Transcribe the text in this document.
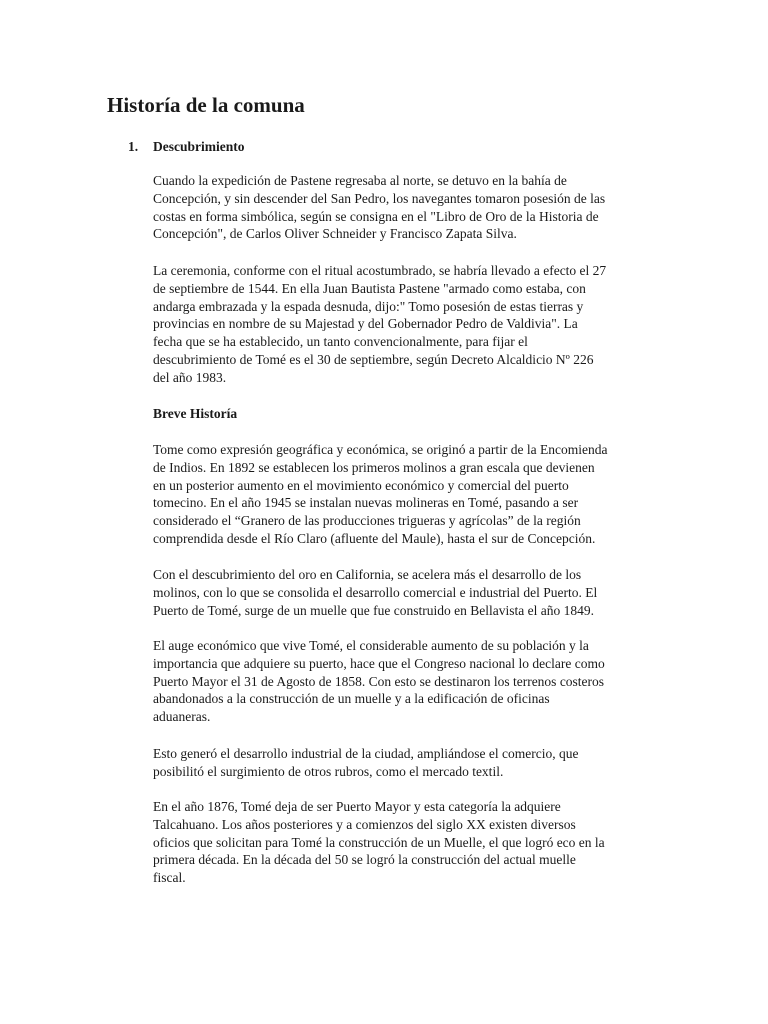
Historía de la comuna
1. Descubrimiento

Cuando la expedición de Pastene regresaba al norte, se detuvo en la bahía de
Concepción, y sin descender del San Pedro, los navegantes tomaron posesión de las
costas en forma simbólica, según se consigna en el "Libro de Oro de la Historia de
Concepción", de Carlos Oliver Schneider y Francisco Zapata Silva.

La ceremonia, conforme con el ritual acostumbrado, se habría llevado a efecto el 27
de septiembre de 1544. En ella Juan Bautista Pastene "armado como estaba, con
andarga embrazada y la espada desnuda, dijo:" Tomo posesión de estas tierras y
provincias en nombre de su Majestad y del Gobernador Pedro de Valdivia". La
fecha que se ha establecido, un tanto convencionalmente, para fijar el
descubrimiento de Tomé es el 30 de septiembre, según Decreto Alcaldicio Nº 226
del año 1983.

Breve Historía

Tome como expresión geográfica y económica, se originó a partir de la Encomienda
de Indios. En 1892 se establecen los primeros molinos a gran escala que devienen
en un posterior aumento en el movimiento económico y comercial del puerto
tomecino. En el año 1945 se instalan nuevas molineras en Tomé, pasando a ser
considerado el “Granero de las producciones trigueras y agrícolas” de la región
comprendida desde el Río Claro (afluente del Maule), hasta el sur de Concepción.

Con el descubrimiento del oro en California, se acelera más el desarrollo de los
molinos, con lo que se consolida el desarrollo comercial e industrial del Puerto. El
Puerto de Tomé, surge de un muelle que fue construido en Bellavista el año 1849.

El auge económico que vive Tomé, el considerable aumento de su población y la
importancia que adquiere su puerto, hace que el Congreso nacional lo declare como
Puerto Mayor el 31 de Agosto de 1858. Con esto se destinaron los terrenos costeros
abandonados a la construcción de un muelle y a la edificación de oficinas
aduaneras.

Esto generó el desarrollo industrial de la ciudad, ampliándose el comercio, que
posibilitó el surgimiento de otros rubros, como el mercado textil.

En el año 1876, Tomé deja de ser Puerto Mayor y esta categoría la adquiere
Talcahuano. Los años posteriores y a comienzos del siglo XX existen diversos
oficios que solicitan para Tomé la construcción de un Muelle, el que logró eco en la
primera década. En la década del 50 se logró la construcción del actual muelle
fiscal.
